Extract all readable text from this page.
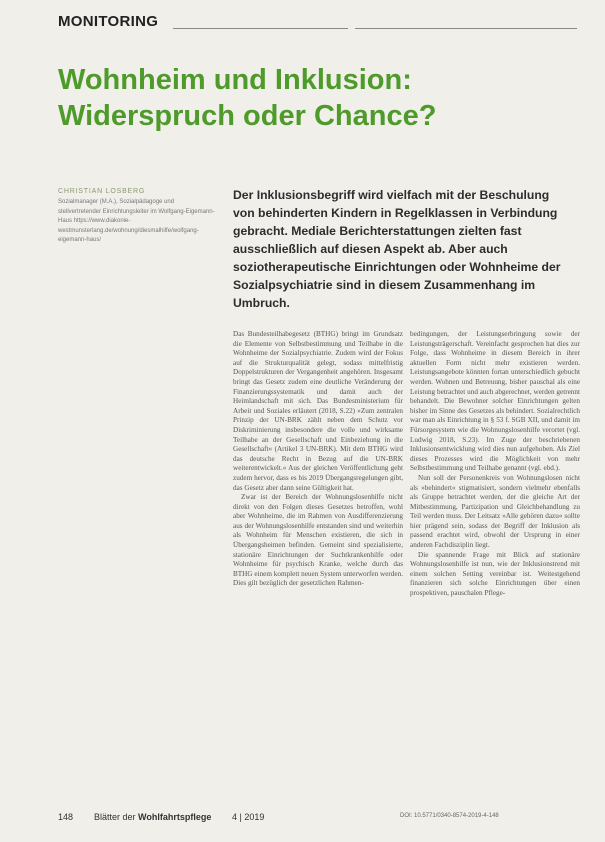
MONITORING
Wohnheim und Inklusion:
Widerspruch oder Chance?
CHRISTIAN LOSBERG
Sozialmanager (M.A.), Sozialpädagoge und stellvertretender Einrichtungsleiter im Wolfgang-Eigemann-Haus https://www.diakonie-westmunsterlang.de/wohnung/diesmalhilfe/wolfgang-eigemann-haus/
Der Inklusionsbegriff wird vielfach mit der Beschulung von behinderten Kindern in Regelklassen in Verbindung gebracht. Mediale Berichterstattungen zielten fast ausschließlich auf diesen Aspekt ab. Aber auch soziotherapeutische Einrichtungen oder Wohnheime der Sozialpsychiatrie sind in diesem Zusammenhang im Umbruch.

Das Bundesteilhabegesetz (BTHG) bringt im Grundsatz die Elemente von Selbstbestimmung und Teilhabe in die Wohnheime der Sozialpsychiatrie. Zudem wird der Fokus auf die Strukturqualität gelegt, sodass mittelfristig Doppelstrukturen der Vergangenheit angehören. Insgesamt bringt das Gesetz zudem eine deutliche Veränderung der Finanzierungssystematik und damit auch der Heimlandschaft mit sich. Das Bundesministerium für Arbeit und Soziales erläutert (2018, S.22) »Zum zentralen Prinzip der UN-BRK zählt neben dem Schutz vor Diskriminierung insbesondere die volle und wirksame Teilhabe an der Gesellschaft und Einbeziehung in die Gesellschaft« (Artikel 3 UN-BRK). Mit dem BTHG wird das deutsche Recht in Bezug auf die UN-BRK weiterentwickelt.« Aus der gleichen Veröffentlichung geht zudem hervor, dass es bis 2019 Übergangsregelungen gibt, das Gesetz aber dann seine Gültigkeit hat.

Zwar ist der Bereich der Wohnungslosenhilfe nicht direkt von den Folgen dieses Gesetzes betroffen, wohl aber Wohnheime, die im Rahmen von Ausdifferenzierung aus der Wohnungslosenhilfe entstanden sind und weiterhin als Wohnheim für Menschen existieren, die sich in Übergangsheimen befinden. Gemeint sind spezialisierte, stationäre Einrichtungen der Suchtkrankenhilfe oder Wohnheime für psychisch Kranke, welche durch das BTHG einem komplett neuen System unterworfen werden. Dies gilt bezüglich der gesetzlichen Rahmen-

bedingungen, der Leistungserbringung sowie der Leistungsträgerschaft. Vereinfacht gesprochen hat dies zur Folge, dass Wohnheime in diesem Bereich in ihrer aktuellen Form nicht mehr existieren werden. Leistungsangebote könnten fortan unterschiedlich gebucht werden. Wohnen und Betreuung, bisher pauschal als eine Leistung betrachtet und auch abgerechnet, werden getrennt behandelt. Die Bewohner solcher Einrichtungen gelten bisher im Sinne des Gesetzes als behindert. Sozialrechtlich war man als Einrichtung in § 53 f. SGB XII, und damit im Fürsorgesystem wie die Wohnungslosenhilfe verortet (vgl. Ludwig 2018, S.23). Im Zuge der beschriebenen Inklusionsentwicklung wird dies nun aufgehoben. Als Ziel dieses Prozesses wird die Möglichkeit von mehr Selbstbestimmung und Teilhabe genannt (vgl. ebd.).

Nun soll der Personenkreis von Wohnungslosen nicht als »behindert« stigmatisiert, sondern vielmehr ebenfalls als Gruppe betrachtet werden, der die gleiche Art der Mitbestimmung, Partizipation und Gleichbehandlung zu Teil werden muss. Der Leitsatz »Alle gehören dazu« sollte hier prägend sein, sodass der Begriff der Inklusion als passend erachtet wird, obwohl der Ursprung in einer anderen Fachdisziplin liegt.

Die spannende Frage mit Blick auf stationäre Wohnungslosenhilfe ist nun, wie der Inklusionstrend mit einem solchen Setting vereinbar ist. Weitestgehend finanzieren sich solche Einrichtungen über einen prospektiven, pauschalen Pflege-

148 Blätter der Wohlfahrtspflege 4 | 2019	DOI: 10.5771/0340-8574-2019-4-148
